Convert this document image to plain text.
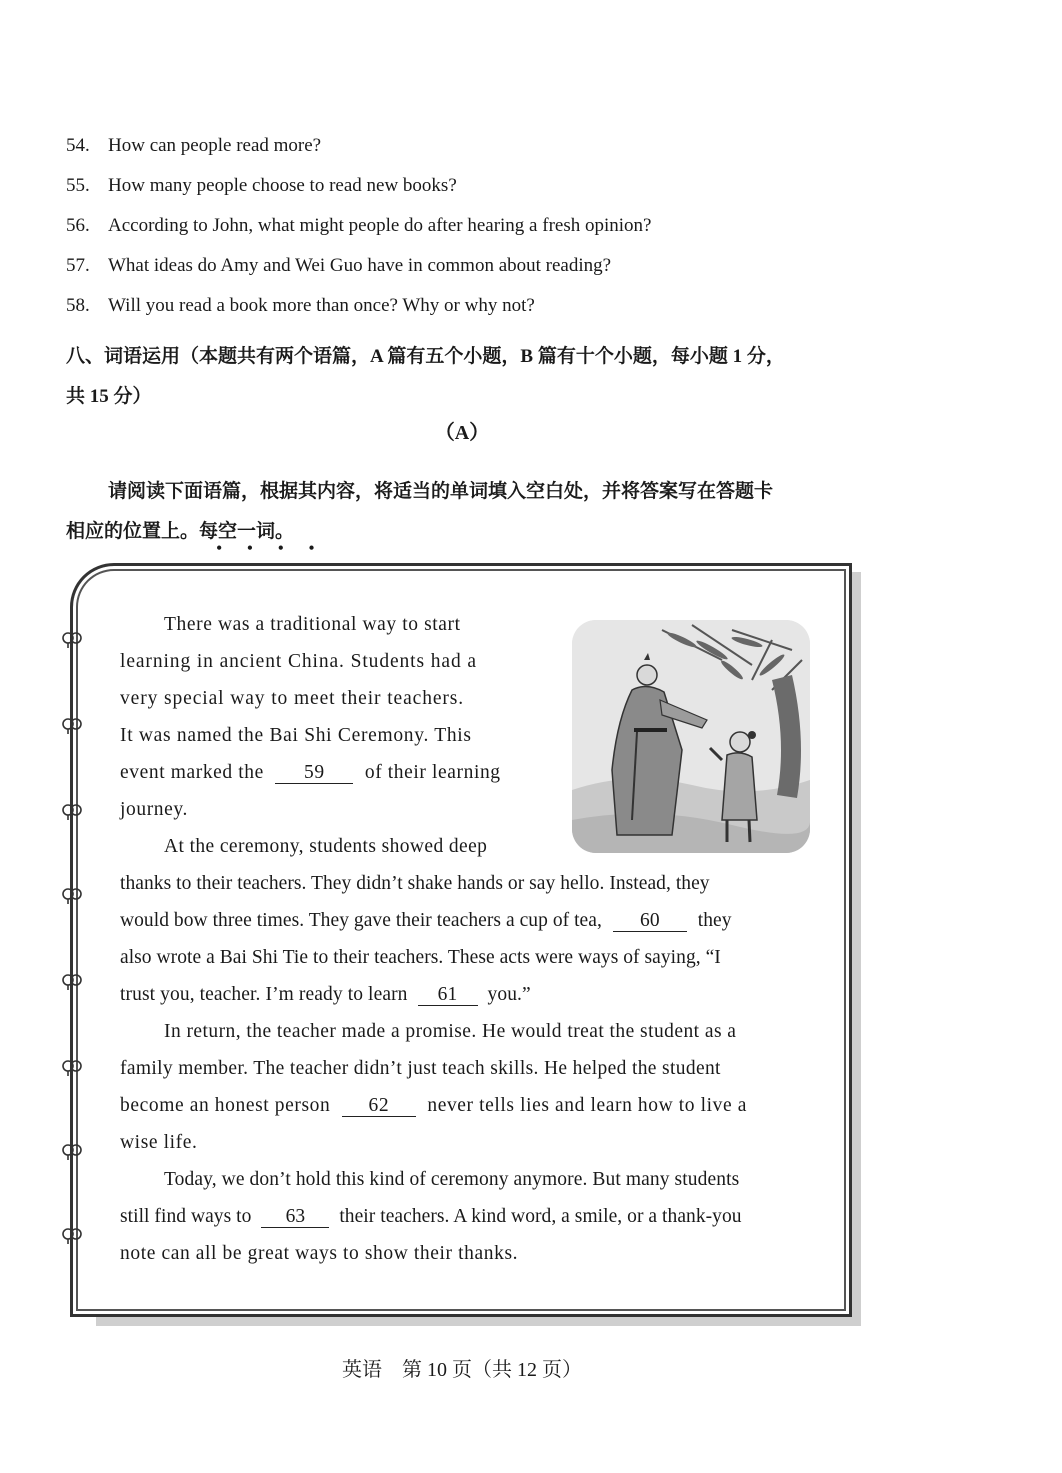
54. How can people read more?
55. How many people choose to read new books?
56. According to John, what might people do after hearing a fresh opinion?
57. What ideas do Amy and Wei Guo have in common about reading?
58. Will you read a book more than once? Why or why not?
八、词语运用（本题共有两个语篇，A 篇有五个小题，B 篇有十个小题，每小题 1 分，
共 15 分）
（A）
请阅读下面语篇，根据其内容，将适当的单词填入空白处，并将答案写在答题卡
相应的位置上。每空一词。
• • • •
There was a traditional way to start
learning in ancient China. Students had a
very special way to meet their teachers.
It was named the Bai Shi Ceremony. This
event marked the 59 of their learning
journey.
At the ceremony, students showed deep
thanks to their teachers. They didn’t shake hands or say hello. Instead, they
would bow three times. They gave their teachers a cup of tea, 60 they
also wrote a Bai Shi Tie to their teachers. These acts were ways of saying, “I
trust you, teacher. I’m ready to learn 61 you.”
In return, the teacher made a promise. He would treat the student as a
family member. The teacher didn’t just teach skills. He helped the student
become an honest person 62 never tells lies and learn how to live a
wise life.
Today, we don’t hold this kind of ceremony anymore. But many students
still find ways to 63 their teachers. A kind word, a smile, or a thank-you
note can all be great ways to show their thanks.
英语　第 10 页（共 12 页）
